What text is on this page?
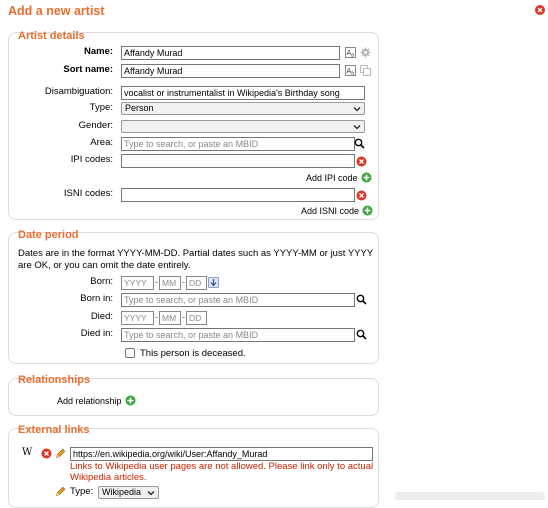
Add a new artist
Artist details
Name:	Affandy Murad	A a
Sort name:	Affandy Murad	A a
Disambiguation:	vocalist or instrumentalist in Wikipedia's Birthday song
Type:	Person
Gender:
Area:	Type to search, or paste an MBID
IPI codes:
Add IPI code
ISNI codes:
Add ISNI code
Date period
Dates are in the format YYYY-MM-DD. Partial dates such as YYYY-MM or just YYYY are OK, or you can omit the date entirely.
Born:	YYYY - MM - DD
Born in:	Type to search, or paste an MBID
Died:	YYYY - MM - DD
Died in:	Type to search, or paste an MBID
This person is deceased.
Relationships
Add relationship
External links
W	https://en.wikipedia.org/wiki/User:Affandy_Murad
Links to Wikipedia user pages are not allowed. Please link only to actual Wikipedia articles.
Type: Wikipedia
